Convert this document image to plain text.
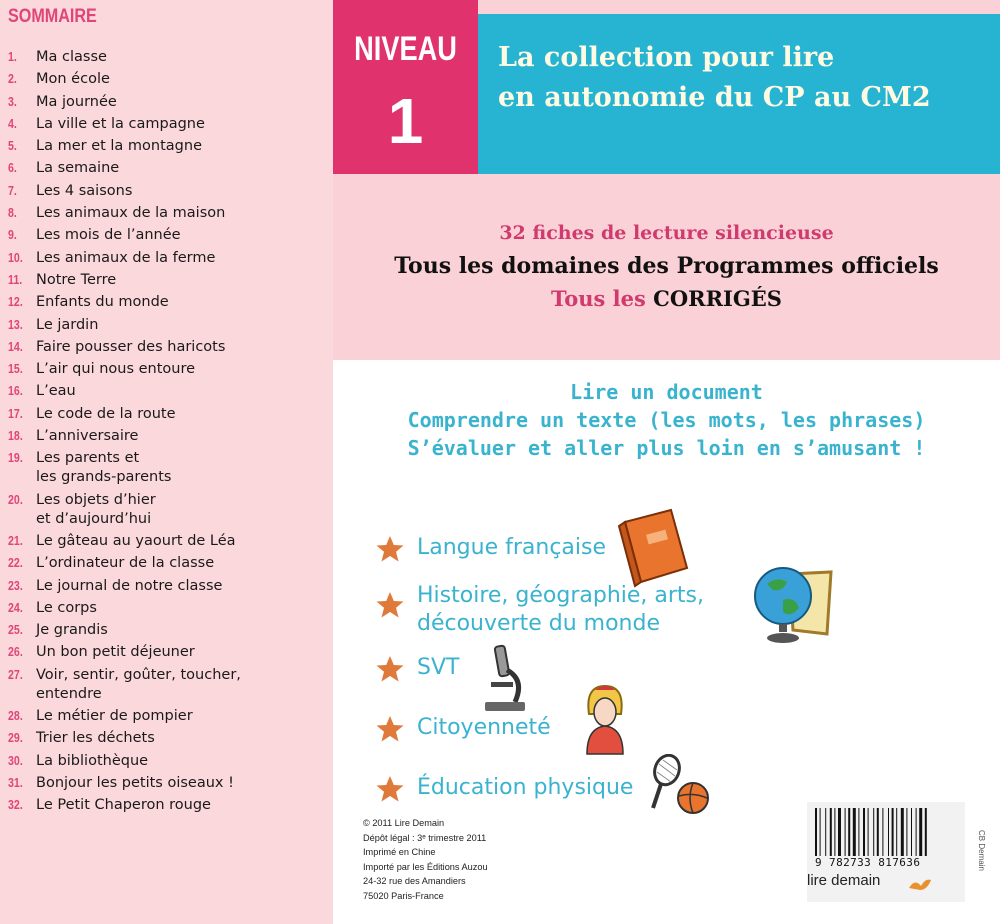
SOMMAIRE
1.	Ma classe
2.	Mon école
3.	Ma journée
4.	La ville et la campagne
5.	La mer et la montagne
6.	La semaine
7.	Les 4 saisons
8.	Les animaux de la maison
9.	Les mois de l’année
10. Les animaux de la ferme
11. Notre Terre
12. Enfants du monde
13. Le jardin
14. Faire pousser des haricots
15. L’air qui nous entoure
16. L’eau
17. Le code de la route
18. L’anniversaire
19. Les parents et
les grands-parents
20. Les objets d’hier
et d’aujourd’hui
21. Le gâteau au yaourt de Léa
22. L’ordinateur de la classe
23. Le journal de notre classe
24. Le corps
25. Je grandis
26. Un bon petit déjeuner
27. Voir, sentir, goûter, toucher,
entendre
28. Le métier de pompier
29. Trier les déchets
30. La bibliothèque
31. Bonjour les petits oiseaux !
32. Le Petit Chaperon rouge
NIVEAU
1
La collection pour lire
en autonomie du CP au CM2
32 fiches de lecture silencieuse
Tous les domaines des Programmes officiels
Tous les CORRIGÉS
Lire un document
Comprendre un texte (les mots, les phrases)
S’évaluer et aller plus loin en s’amusant !
Langue française
Histoire, géographie, arts,
découverte du monde
SVT
Citoyenneté
Éducation physique
© 2011 Lire Demain
Dépôt légal : 3ᵉ trimestre 2011
Imprimé en Chine
Importé par les Éditions Auzou
24-32 rue des Amandiers
75020 Paris-France
9 782733 817636
lire demain
CB Demain
